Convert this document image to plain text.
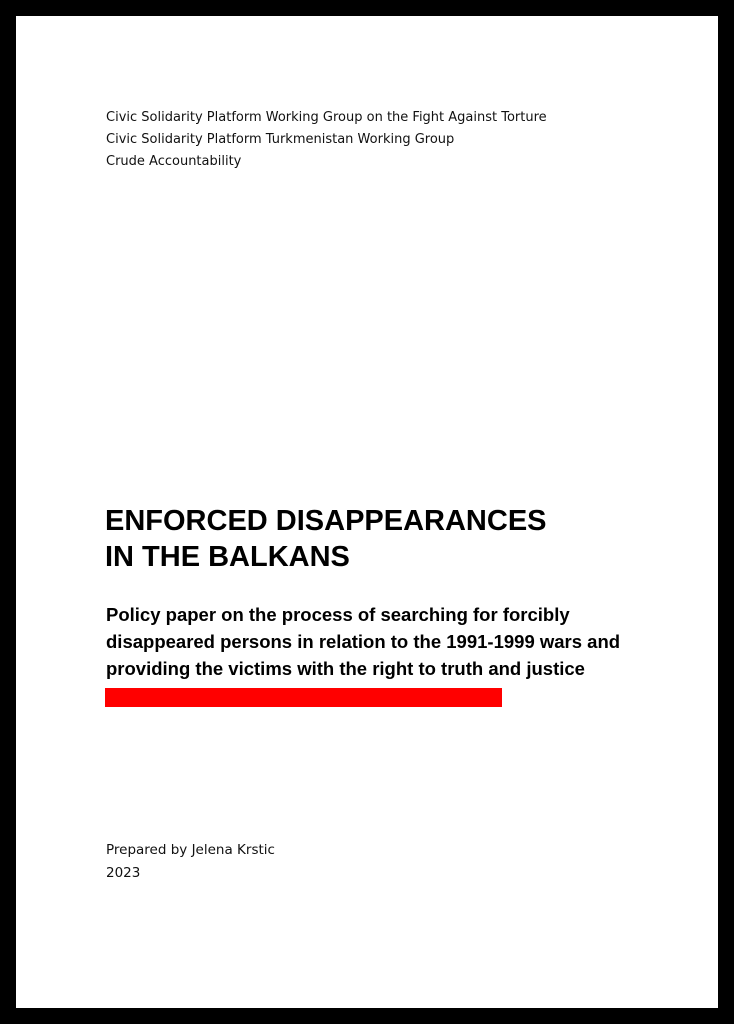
Civic Solidarity Platform Working Group on the Fight Against Torture
Civic Solidarity Platform Turkmenistan Working Group
Crude Accountability
ENFORCED DISAPPEARANCES
IN THE BALKANS
Policy paper on the process of searching for forcibly
disappeared persons in relation to the 1991-1999 wars and
providing the victims with the right to truth and justice
Prepared by Jelena Krstic
2023
